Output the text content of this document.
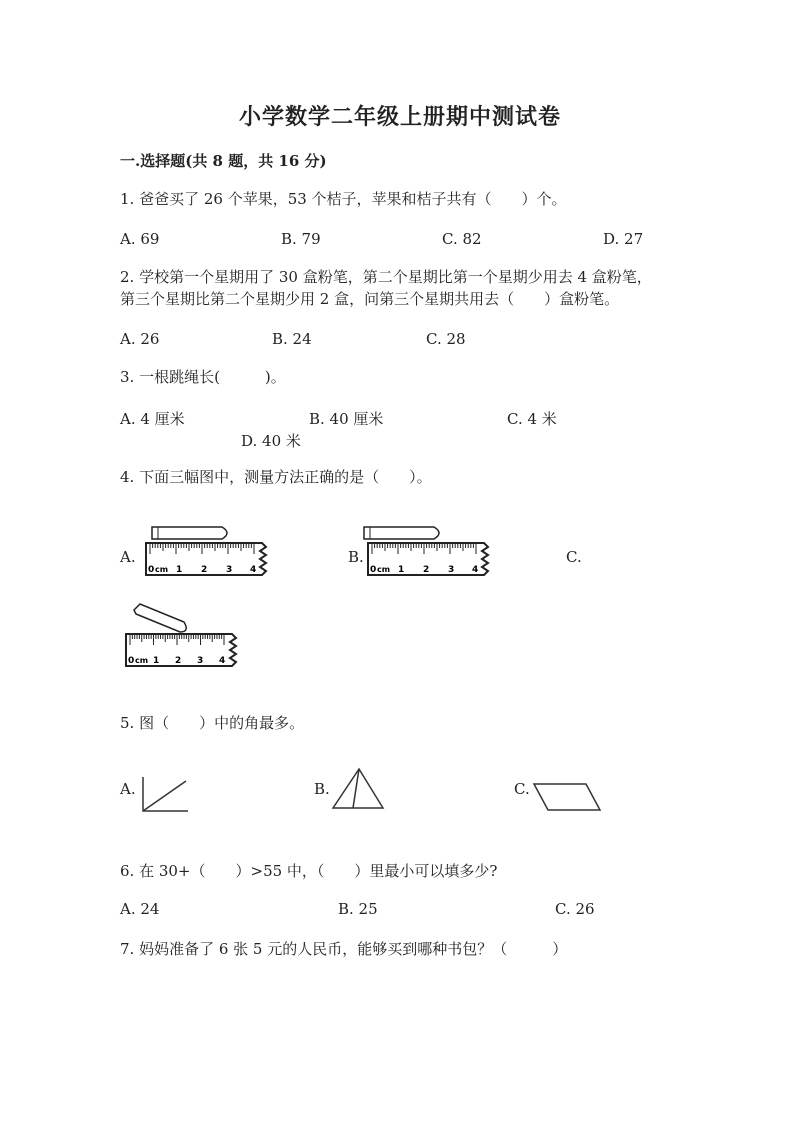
小学数学二年级上册期中测试卷
一.选择题(共 8 题，共 16 分)
1. 爸爸买了 26 个苹果，53 个桔子，苹果和桔子共有（　　）个。
A. 69	B. 79	C. 82	D. 27
2. 学校第一个星期用了 30 盒粉笔，第二个星期比第一个星期少用去 4 盒粉笔，
第三个星期比第二个星期少用 2 盒，问第三个星期共用去（　　）盒粉笔。
A. 26	B. 24	C. 28
3. 一根跳绳长(　　　)。
A. 4 厘米	B. 40 厘米	C. 4 米
D. 40 米
4. 下面三幅图中，测量方法正确的是（　　）。
A.	B.	C.
0 cm 1 2 3 4	0 cm 1 2 3 4
0 cm 1 2 3 4
5. 图（　　）中的角最多。
A.	B.	C.
6. 在 30+（　　）>55 中，（　　）里最小可以填多少?
A. 24	B. 25	C. 26
7. 妈妈准备了 6 张 5 元的人民币，能够买到哪种书包？（　　　）
